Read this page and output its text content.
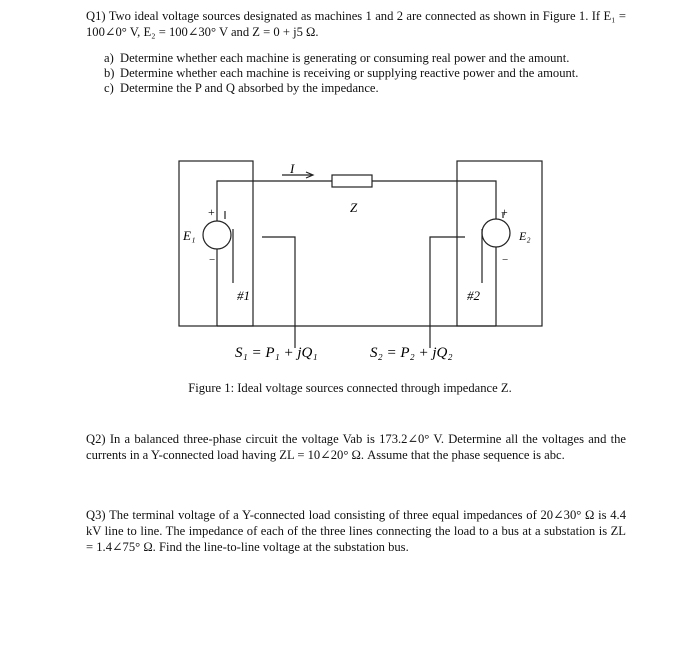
Q1) Two ideal voltage sources designated as machines 1 and 2 are connected as shown in Figure 1. If E₁ = 100∠0° V, E₂ = 100∠30° V and Z = 0 + j5 Ω.
a) Determine whether each machine is generating or consuming real power and the amount.
b) Determine whether each machine is receiving or supplying reactive power and the amount.
c) Determine the P and Q absorbed by the impedance.
I
Z
E₁	E₂
+	+
−	−
#1	#2
S₁ = P₁ + jQ₁	S₂ = P₂ + jQ₂
Figure 1: Ideal voltage sources connected through impedance Z.
Q2) In a balanced three-phase circuit the voltage Vab is 173.2∠0° V. Determine all the voltages and the currents in a Y-connected load having ZL = 10∠20° Ω. Assume that the phase sequence is abc.
Q3) The terminal voltage of a Y-connected load consisting of three equal impedances of 20∠30° Ω is 4.4 kV line to line. The impedance of each of the three lines connecting the load to a bus at a substation is ZL = 1.4∠75° Ω. Find the line-to-line voltage at the substation bus.
